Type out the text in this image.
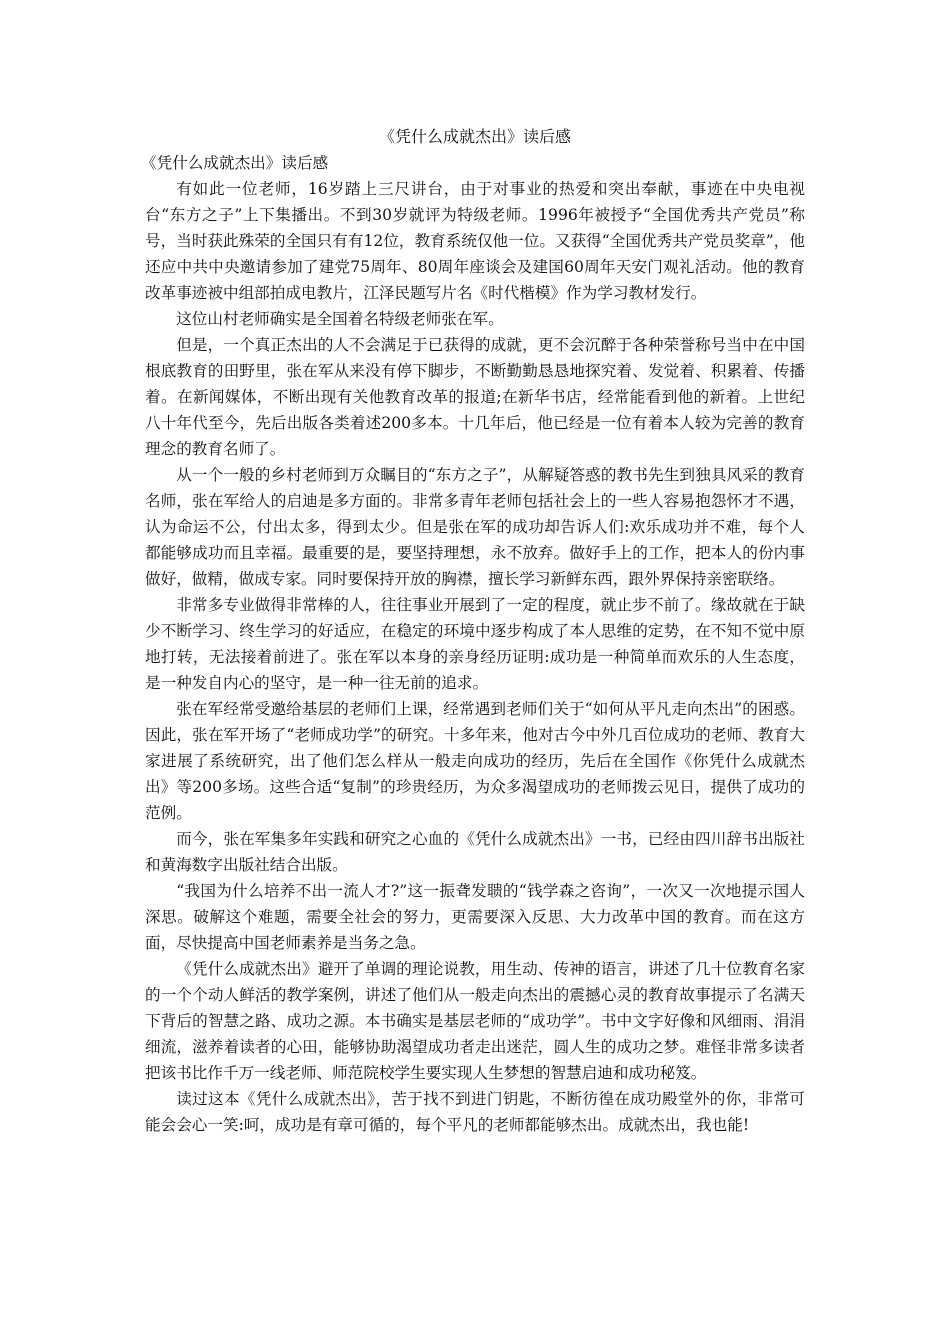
《凭什么成就杰出》读后感

《凭什么成就杰出》读后感

有如此一位老师，16岁踏上三尺讲台，由于对事业的热爱和突出奉献，事迹在中央电视台“东方之子”上下集播出。不到30岁就评为特级老师。1996年被授予“全国优秀共产党员”称号，当时获此殊荣的全国只有有12位，教育系统仅他一位。又获得“全国优秀共产党员奖章”，他还应中共中央邀请参加了建党75周年、80周年座谈会及建国60周年天安门观礼活动。他的教育改革事迹被中组部拍成电教片，江泽民题写片名《时代楷模》作为学习教材发行。

这位山村老师确实是全国着名特级老师张在军。

但是，一个真正杰出的人不会满足于已获得的成就，更不会沉醉于各种荣誉称号当中在中国根底教育的田野里，张在军从来没有停下脚步，不断勤勤恳恳地探究着、发觉着、积累着、传播着。在新闻媒体，不断出现有关他教育改革的报道;在新华书店，经常能看到他的新着。上世纪八十年代至今，先后出版各类着述200多本。十几年后，他已经是一位有着本人较为完善的教育理念的教育名师了。

从一个一般的乡村老师到万众瞩目的“东方之子”，从解疑答惑的教书先生到独具风采的教育名师，张在军给人的启迪是多方面的。非常多青年老师包括社会上的一些人容易抱怨怀才不遇，认为命运不公，付出太多，得到太少。但是张在军的成功却告诉人们:欢乐成功并不难，每个人都能够成功而且幸福。最重要的是，要坚持理想，永不放弃。做好手上的工作，把本人的份内事做好，做精，做成专家。同时要保持开放的胸襟，擅长学习新鲜东西，跟外界保持亲密联络。

非常多专业做得非常棒的人，往往事业开展到了一定的程度，就止步不前了。缘故就在于缺少不断学习、终生学习的好适应，在稳定的环境中逐步构成了本人思维的定势，在不知不觉中原地打转，无法接着前进了。张在军以本身的亲身经历证明:成功是一种简单而欢乐的人生态度，是一种发自内心的坚守，是一种一往无前的追求。

张在军经常受邀给基层的老师们上课，经常遇到老师们关于“如何从平凡走向杰出”的困惑。因此，张在军开场了“老师成功学”的研究。十多年来，他对古今中外几百位成功的老师、教育大家进展了系统研究，出了他们怎么样从一般走向成功的经历，先后在全国作《你凭什么成就杰出》等200多场。这些合适“复制”的珍贵经历，为众多渴望成功的老师拨云见日，提供了成功的范例。

而今，张在军集多年实践和研究之心血的《凭什么成就杰出》一书，已经由四川辞书出版社和黄海数字出版社结合出版。

“我国为什么培养不出一流人才?”这一振聋发聩的“钱学森之咨询”，一次又一次地提示国人深思。破解这个难题，需要全社会的努力，更需要深入反思、大力改革中国的教育。而在这方面，尽快提高中国老师素养是当务之急。

《凭什么成就杰出》避开了单调的理论说教，用生动、传神的语言，讲述了几十位教育名家的一个个动人鲜活的教学案例，讲述了他们从一般走向杰出的震撼心灵的教育故事提示了名满天下背后的智慧之路、成功之源。本书确实是基层老师的“成功学”。书中文字好像和风细雨、涓涓细流，滋养着读者的心田，能够协助渴望成功者走出迷茫，圆人生的成功之梦。难怪非常多读者把该书比作千万一线老师、师范院校学生要实现人生梦想的智慧启迪和成功秘笈。

读过这本《凭什么成就杰出》，苦于找不到进门钥匙，不断彷徨在成功殿堂外的你，非常可能会会心一笑:呵，成功是有章可循的，每个平凡的老师都能够杰出。成就杰出，我也能!
